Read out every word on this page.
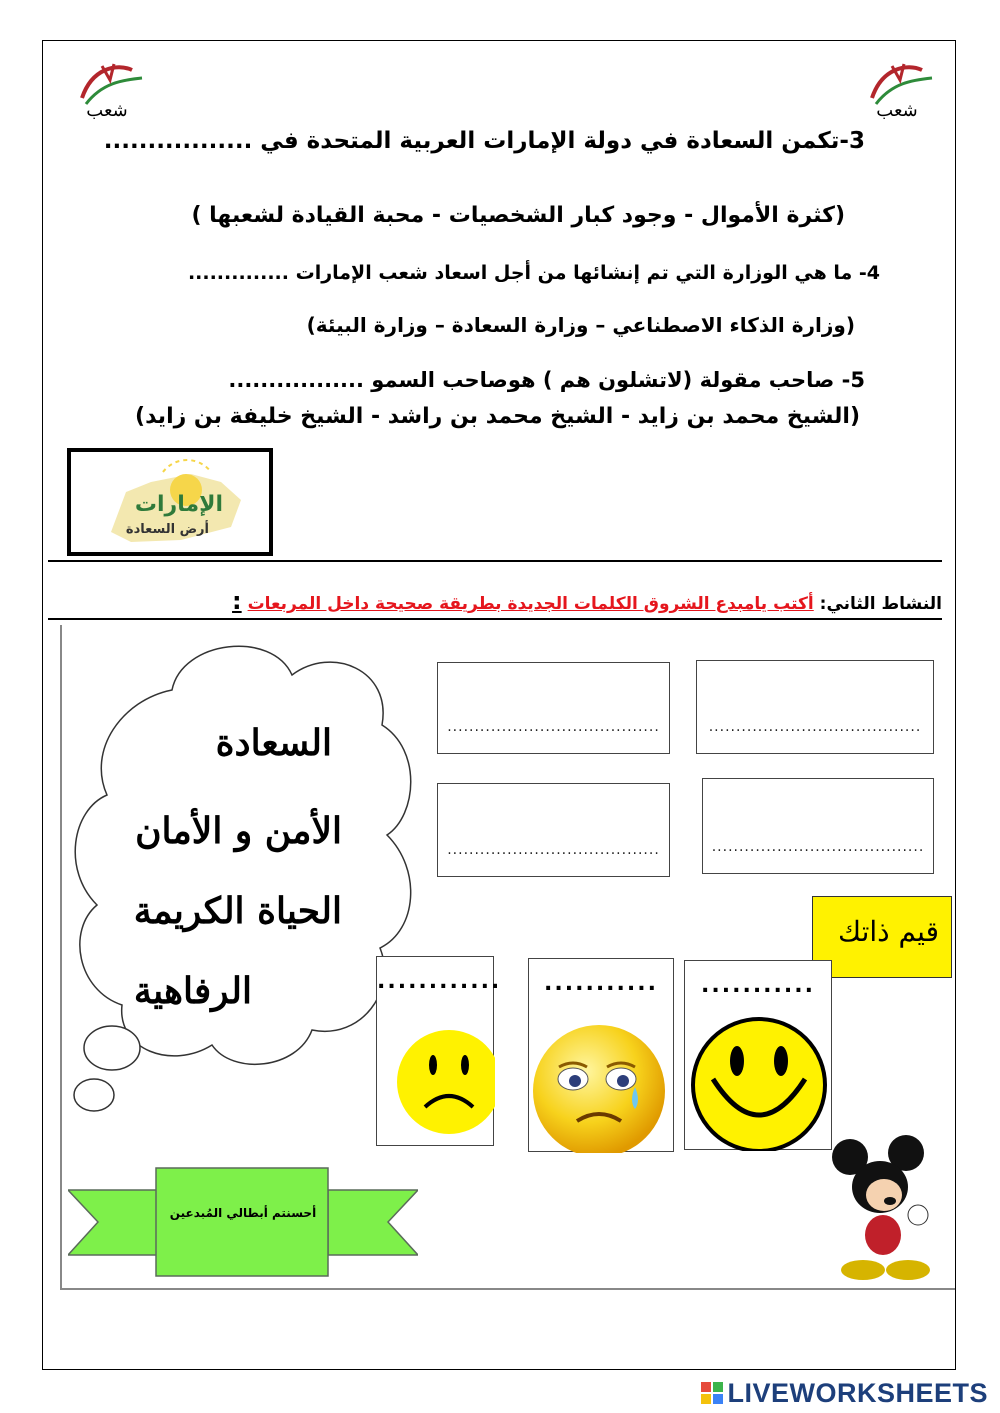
شعب	شعب
3-تكمن السعادة في دولة الإمارات العربية المتحدة في .................
(كثرة الأموال - وجود كبار الشخصيات - محبة القيادة لشعبها )
4- ما هي الوزارة التي تم إنشائها من أجل اسعاد شعب الإمارات ..............
(وزارة الذكاء الاصطناعي – وزارة السعادة – وزارة البيئة)
5- صاحب مقولة (لاتشلون هم ) هوصاحب السمو .................
(الشيخ محمد بن زايد - الشيخ محمد بن راشد - الشيخ خليفة بن زايد)
الإمارات
أرض السعادة
النشاط الثاني: أكتب يامبدع الشروق الكلمات الجديدة بطريقة صحيحة داخل المربعات :
.......................................	.......................................
.......................................	.......................................
السعادة
الأمن و الأمان
الحياة الكريمة
الرفاهية
قيم ذاتك
............	...........	...........
أحسنتم أبطالي المُبدعين
LIVEWORKSHEETS
